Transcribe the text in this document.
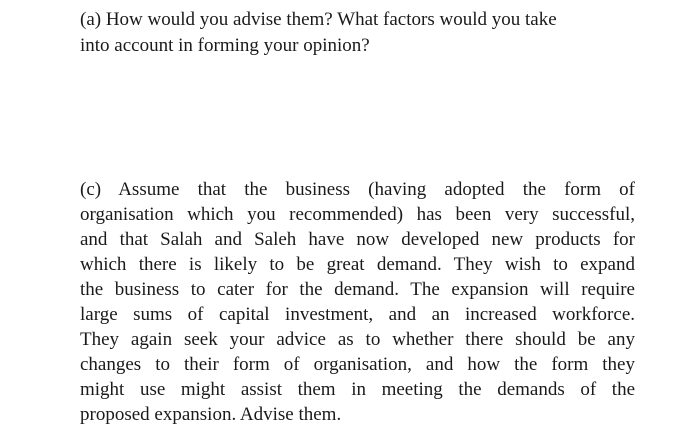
(a) How would you advise them? What factors would you take
into account in forming your opinion?
(c) Assume that the business (having adopted the form of
organisation which you recommended) has been very successful,
and that Salah and Saleh have now developed new products for
which there is likely to be great demand. They wish to expand
the business to cater for the demand. The expansion will require
large sums of capital investment, and an increased workforce.
They again seek your advice as to whether there should be any
changes to their form of organisation, and how the form they
might use might assist them in meeting the demands of the
proposed expansion. Advise them.
